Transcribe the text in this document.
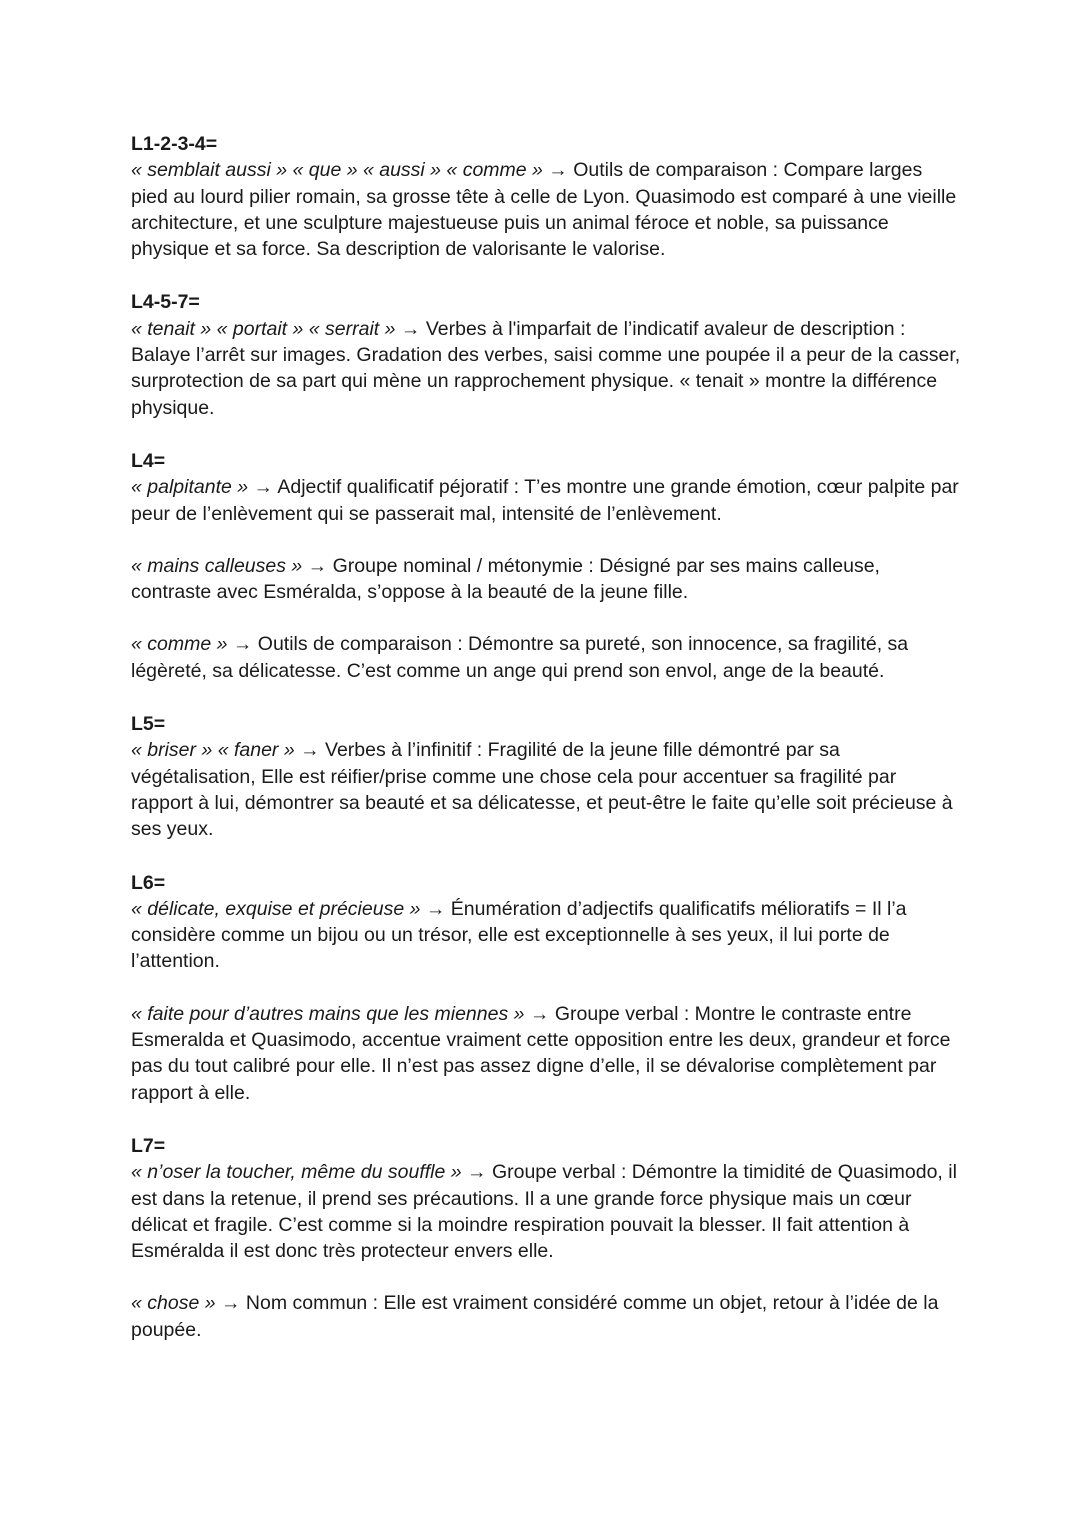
L1-2-3-4=

« semblait aussi » « que » « aussi » « comme » → Outils de comparaison : Compare larges pied au lourd pilier romain, sa grosse tête à celle de Lyon. Quasimodo est comparé à une vieille architecture, et une sculpture majestueuse puis un animal féroce et noble, sa puissance physique et sa force. Sa description de valorisante le valorise.

L4-5-7=

« tenait » « portait » « serrait » → Verbes à l'imparfait de l’indicatif avaleur de description : Balaye l’arrêt sur images. Gradation des verbes, saisi comme une poupée il a peur de la casser, surprotection de sa part qui mène un rapprochement physique. « tenait » montre la différence physique.

L4=

« palpitante » → Adjectif qualificatif péjoratif : T’es montre une grande émotion, cœur palpite par peur de l’enlèvement qui se passerait mal, intensité de l’enlèvement.

« mains calleuses » → Groupe nominal / métonymie : Désigné par ses mains calleuse, contraste avec Esméralda, s’oppose à la beauté de la jeune fille.

« comme » → Outils de comparaison : Démontre sa pureté, son innocence, sa fragilité, sa légèreté, sa délicatesse. C’est comme un ange qui prend son envol, ange de la beauté.

L5=

« briser » « faner » → Verbes à l’infinitif : Fragilité de la jeune fille démontré par sa végétalisation, Elle est réifier/prise comme une chose cela pour accentuer sa fragilité par rapport à lui, démontrer sa beauté et sa délicatesse, et peut-être le faite qu’elle soit précieuse à ses yeux.

L6=

« délicate, exquise et précieuse » → Énumération d’adjectifs qualificatifs mélioratifs = Il l’a considère comme un bijou ou un trésor, elle est exceptionnelle à ses yeux, il lui porte de l’attention.

« faite pour d’autres mains que les miennes » → Groupe verbal : Montre le contraste entre Esmeralda et Quasimodo, accentue vraiment cette opposition entre les deux, grandeur et force pas du tout calibré pour elle. Il n’est pas assez digne d’elle, il se dévalorise complètement par rapport à elle.

L7=

« n’oser la toucher, même du souffle » → Groupe verbal : Démontre la timidité de Quasimodo, il est dans la retenue, il prend ses précautions. Il a une grande force physique mais un cœur délicat et fragile. C’est comme si la moindre respiration pouvait la blesser. Il fait attention à Esméralda il est donc très protecteur envers elle.

« chose » → Nom commun : Elle est vraiment considéré comme un objet, retour à l’idée de la poupée.
